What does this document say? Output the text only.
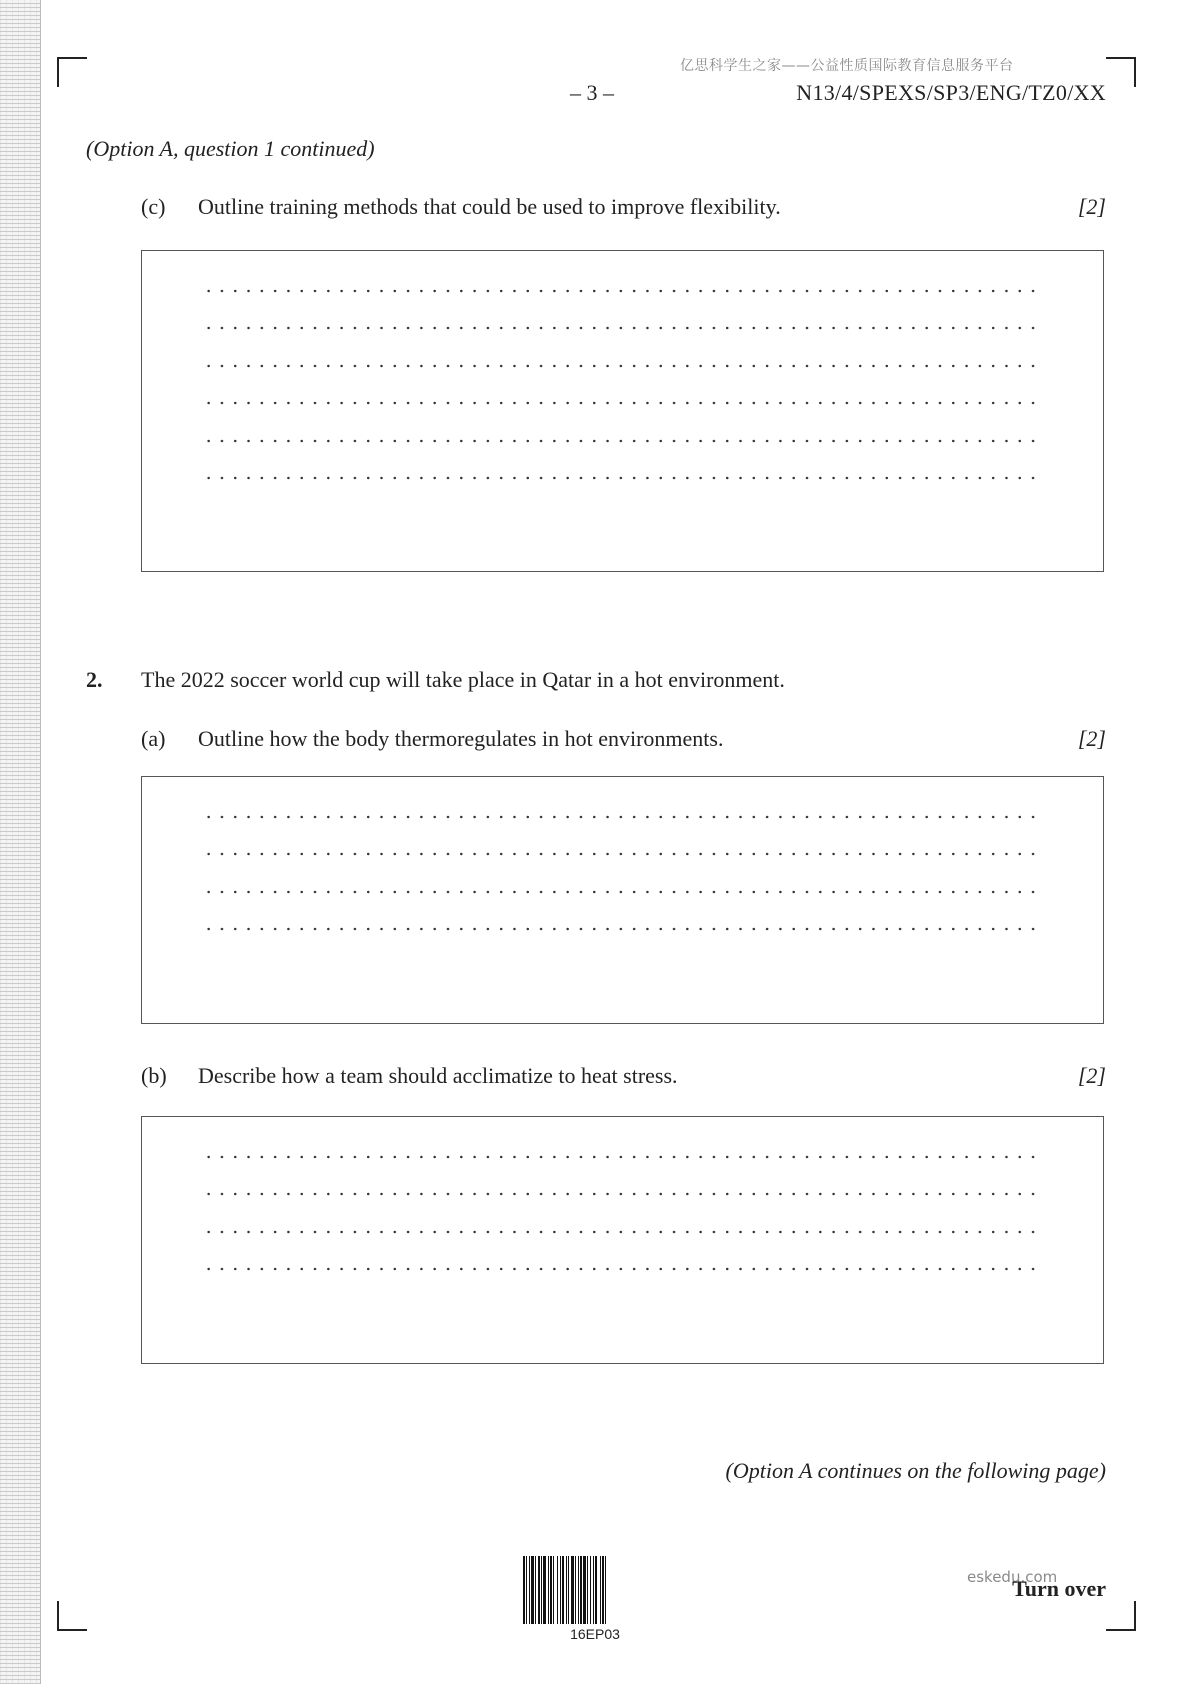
亿思科学生之家——公益性质国际教育信息服务平台
– 3 –	N13/4/SPEXS/SP3/ENG/TZ0/XX
(Option A, question 1 continued)
(c) Outline training methods that could be used to improve flexibility.	[2]
2. The 2022 soccer world cup will take place in Qatar in a hot environment.
(a) Outline how the body thermoregulates in hot environments.	[2]
(b) Describe how a team should acclimatize to heat stress.	[2]
(Option A continues on the following page)
16EP03
eskedu.com
Turn over
